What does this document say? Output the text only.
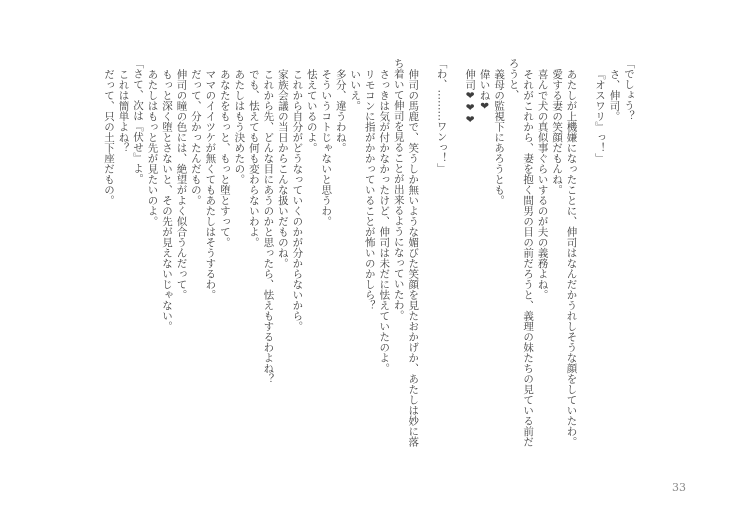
「でしょう？

さ、伸司。

『オスワリ』っ！」

あたしが上機嫌になったことに、伸司はなんだかうれしそうな顔をしていたわ。

愛する妻の笑顔だもんね。

喜んで犬の真似事ぐらいするのが夫の義務よね。

それがこれから、妻を抱く間男の目の前だろうと、義理の妹たちの見ている前だろうと、

義母の監視下にあろうとも。

偉いね❤

伸司❤❤❤

「わ、………ワンっ！」

伸司の馬鹿で、笑うしか無いような媚びた笑顔を見たおかげか、あたしは妙に落ち着いて伸司を見ることが出来るようになっていたわ。

さっきは気が付かなかったけど、伸司は未だに怯えていたのよ。

リモコンに指がかかっていることが怖いのかしら？

いいえ。

多分、違うわね。

そういうコトじゃないと思うわ。

怯えているのよ。

これから自分がどうなっていくのかが分からないから。

家族会議の当日からこんな扱いだものね。

これから先、どんな目にあうのかと思ったら、怯えもするわよね？

でも、怯えても何も変わらないわよ。

あたしはもう決めたの。

あなたをもっと、もっと堕とすって。

ママのイイツケが無くてもあたしはそうするわ。

だって、分かったんだもの。

伸司の瞳の色には、絶望がよく似合うんだって。

もっと深く堕とさないと、その先が見えないじゃない。

あたしはもっと先が見たいのよ。

「さて、次は『伏せ』よ。

これは簡単よね？

だって、只の土下座だもの。

33
